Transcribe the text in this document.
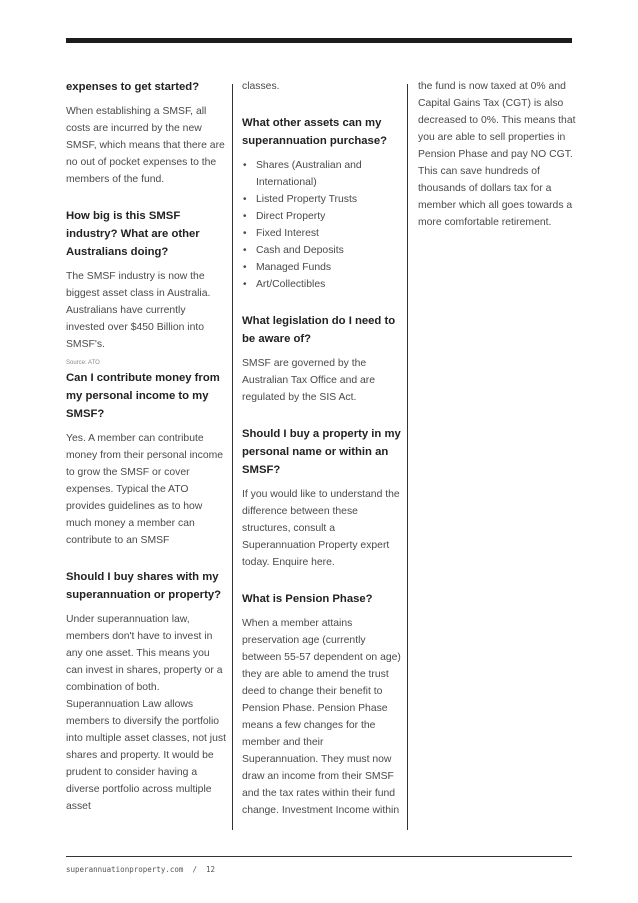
expenses to get started?

When establishing a SMSF, all costs are incurred by the new SMSF, which means that there are no out of pocket expenses to the members of the fund.

How big is this SMSF industry? What are other Australians doing?

The SMSF industry is now the biggest asset class in Australia. Australians have currently invested over $450 Billion into SMSF's.

Source: ATO
Can I contribute money from my personal income to my SMSF?

Yes. A member can contribute money from their personal income to grow the SMSF or cover expenses. Typical the ATO provides guidelines as to how much money a member can contribute to an SMSF

Should I buy shares with my superannuation or property?

Under superannuation law, members don't have to invest in any one asset. This means you can invest in shares, property or a combination of both. Superannuation Law allows members to diversify the portfolio into multiple asset classes, not just shares and property. It would be prudent to consider having a diverse portfolio across multiple asset

classes.

What other assets can my superannuation purchase?
• Shares (Australian and International)
• Listed Property Trusts
• Direct Property
• Fixed Interest
• Cash and Deposits
• Managed Funds
• Art/Collectibles
What legislation do I need to be aware of?

SMSF are governed by the Australian Tax Office and are regulated by the SIS Act.

Should I buy a property in my personal name or within an SMSF?

If you would like to understand the difference between these structures, consult a Superannuation Property expert today. Enquire here.

What is Pension Phase?

When a member attains preservation age (currently between 55-57 dependent on age) they are able to amend the trust deed to change their benefit to Pension Phase. Pension Phase means a few changes for the member and their Superannuation. They must now draw an income from their SMSF and the tax rates within their fund change. Investment Income within

the fund is now taxed at 0% and Capital Gains Tax (CGT) is also decreased to 0%. This means that you are able to sell properties in Pension Phase and pay NO CGT. This can save hundreds of thousands of dollars tax for a member which all goes towards a more comfortable retirement.

superannuationproperty.com / 12
